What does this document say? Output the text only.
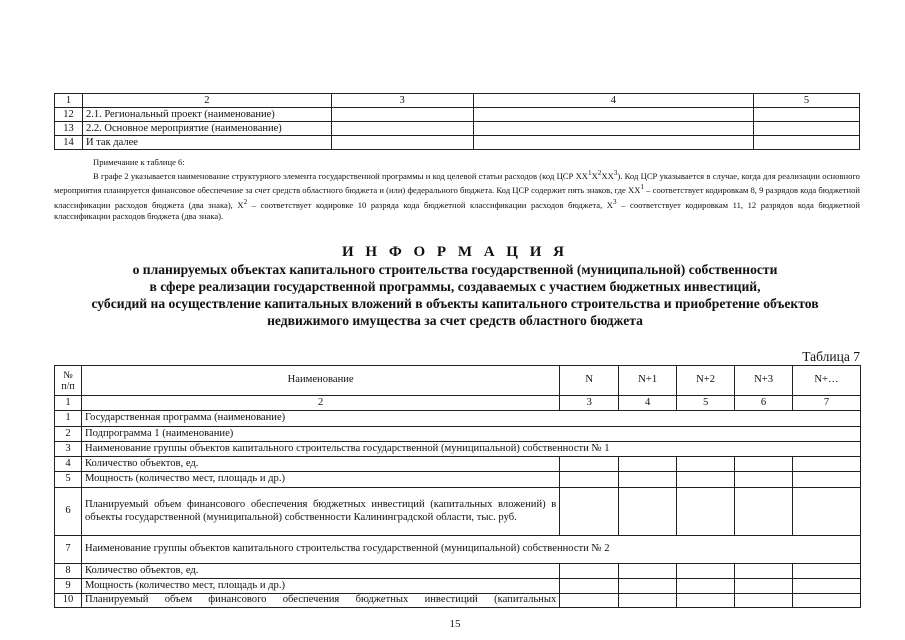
1	2	3	4	5
12	2.1. Региональный проект (наименование)			
13	2.2. Основное мероприятие (наименование)			
14	И так далее			

Примечание к таблице 6:

В графе 2 указывается наименование структурного элемента государственной программы и код целевой статьи расходов (код ЦСР $XX^1X^2XX^3$). Код ЦСР указывается в случае, когда для реализации основного мероприятия планируется финансовое обеспечение за счет средств областного бюджета и (или) федерального бюджета. Код ЦСР содержит пять знаков, где $XX^1$ – соответствует кодировкам 8, 9 разрядов кода бюджетной классификации расходов бюджета (два знака), $X^2$ – соответствует кодировке 10 разряда кода бюджетной классификации расходов бюджета, $X^3$ – соответствует кодировкам 11, 12 разрядов кода бюджетной классификации расходов бюджета (два знака).

И Н Ф О Р М А Ц И Я
о планируемых объектах капитального строительства государственной (муниципальной) собственности
в сфере реализации государственной программы, создаваемых с участием бюджетных инвестиций,
субсидий на осуществление капитальных вложений в объекты капитального строительства и приобретение объектов
недвижимого имущества за счет средств областного бюджета
Таблица 7
№ п/п	Наименование	N	N+1	N+2	N+3	N+…
1	2	3	4	5	6	7
1	Государственная программа (наименование)					
2	Подпрограмма 1 (наименование)					
3	Наименование группы объектов капитального строительства государственной (муниципальной) собственности № 1					
4	Количество объектов, ед.					
5	Мощность (количество мест, площадь и др.)					
6	Планируемый объем финансового обеспечения бюджетных инвестиций (капитальных вложений) в объекты государственной (муниципальной) собственности Калининградской области, тыс. руб.					
7	Наименование группы объектов капитального строительства государственной (муниципальной) собственности № 2					
8	Количество объектов, ед.					
9	Мощность (количество мест, площадь и др.)					
10	Планируемый объем финансового обеспечения бюджетных инвестиций (капитальных					
15
